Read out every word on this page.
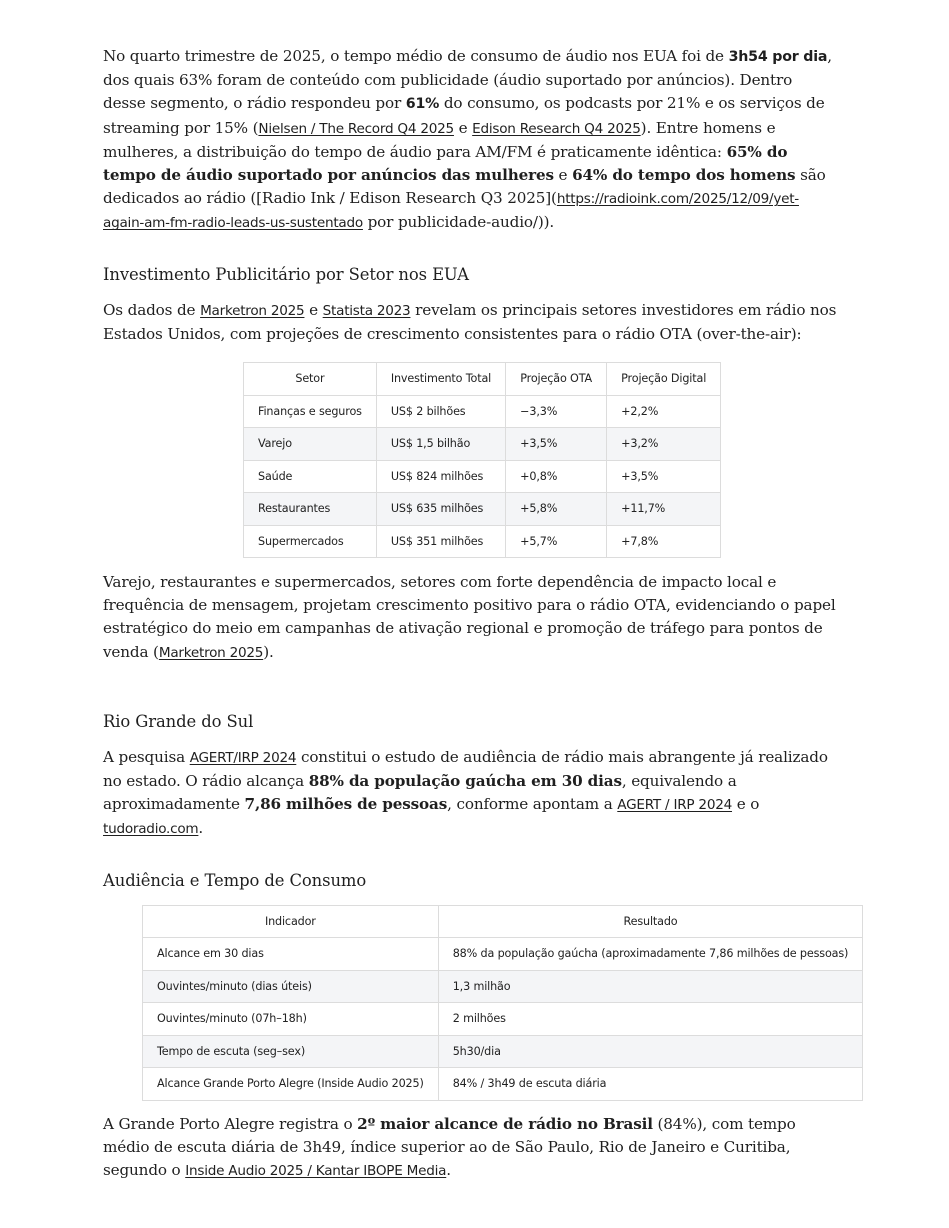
No quarto trimestre de 2025, o tempo médio de consumo de áudio nos EUA foi de 3h54 por dia, dos quais 63% foram de conteúdo com publicidade (áudio suportado por anúncios). Dentro desse segmento, o rádio respondeu por 61% do consumo, os podcasts por 21% e os serviços de streaming por 15% (Nielsen / The Record Q4 2025 e Edison Research Q4 2025). Entre homens e mulheres, a distribuição do tempo de áudio para AM/FM é praticamente idêntica: 65% do tempo de áudio suportado por anúncios das mulheres e 64% do tempo dos homens são dedicados ao rádio ([Radio Ink / Edison Research Q3 2025](https://radioink.com/2025/12/09/yet-again-am-fm-radio-leads-us-sustentado por publicidade-audio/)).

Investimento Publicitário por Setor nos EUA

Os dados de Marketron 2025 e Statista 2023 revelam os principais setores investidores em rádio nos Estados Unidos, com projeções de crescimento consistentes para o rádio OTA (over-the-air):

Setor	Investimento Total	Projeção OTA	Projeção Digital
Finanças e seguros	US$ 2 bilhões	−3,3%	+2,2%
Varejo	US$ 1,5 bilhão	+3,5%	+3,2%
Saúde	US$ 824 milhões	+0,8%	+3,5%
Restaurantes	US$ 635 milhões	+5,8%	+11,7%
Supermercados	US$ 351 milhões	+5,7%	+7,8%

Varejo, restaurantes e supermercados, setores com forte dependência de impacto local e frequência de mensagem, projetam crescimento positivo para o rádio OTA, evidenciando o papel estratégico do meio em campanhas de ativação regional e promoção de tráfego para pontos de venda (Marketron 2025).

Rio Grande do Sul

A pesquisa AGERT/IRP 2024 constitui o estudo de audiência de rádio mais abrangente já realizado no estado. O rádio alcança 88% da população gaúcha em 30 dias, equivalendo a aproximadamente 7,86 milhões de pessoas, conforme apontam a AGERT / IRP 2024 e o tudoradio.com.

Audiência e Tempo de Consumo
Indicador	Resultado
Alcance em 30 dias	88% da população gaúcha (aproximadamente 7,86 milhões de pessoas)
Ouvintes/minuto (dias úteis)	1,3 milhão
Ouvintes/minuto (07h–18h)	2 milhões
Tempo de escuta (seg–sex)	5h30/dia
Alcance Grande Porto Alegre (Inside Audio 2025)	84% / 3h49 de escuta diária

A Grande Porto Alegre registra o 2º maior alcance de rádio no Brasil (84%), com tempo médio de escuta diária de 3h49, índice superior ao de São Paulo, Rio de Janeiro e Curitiba, segundo o Inside Audio 2025 / Kantar IBOPE Media.
